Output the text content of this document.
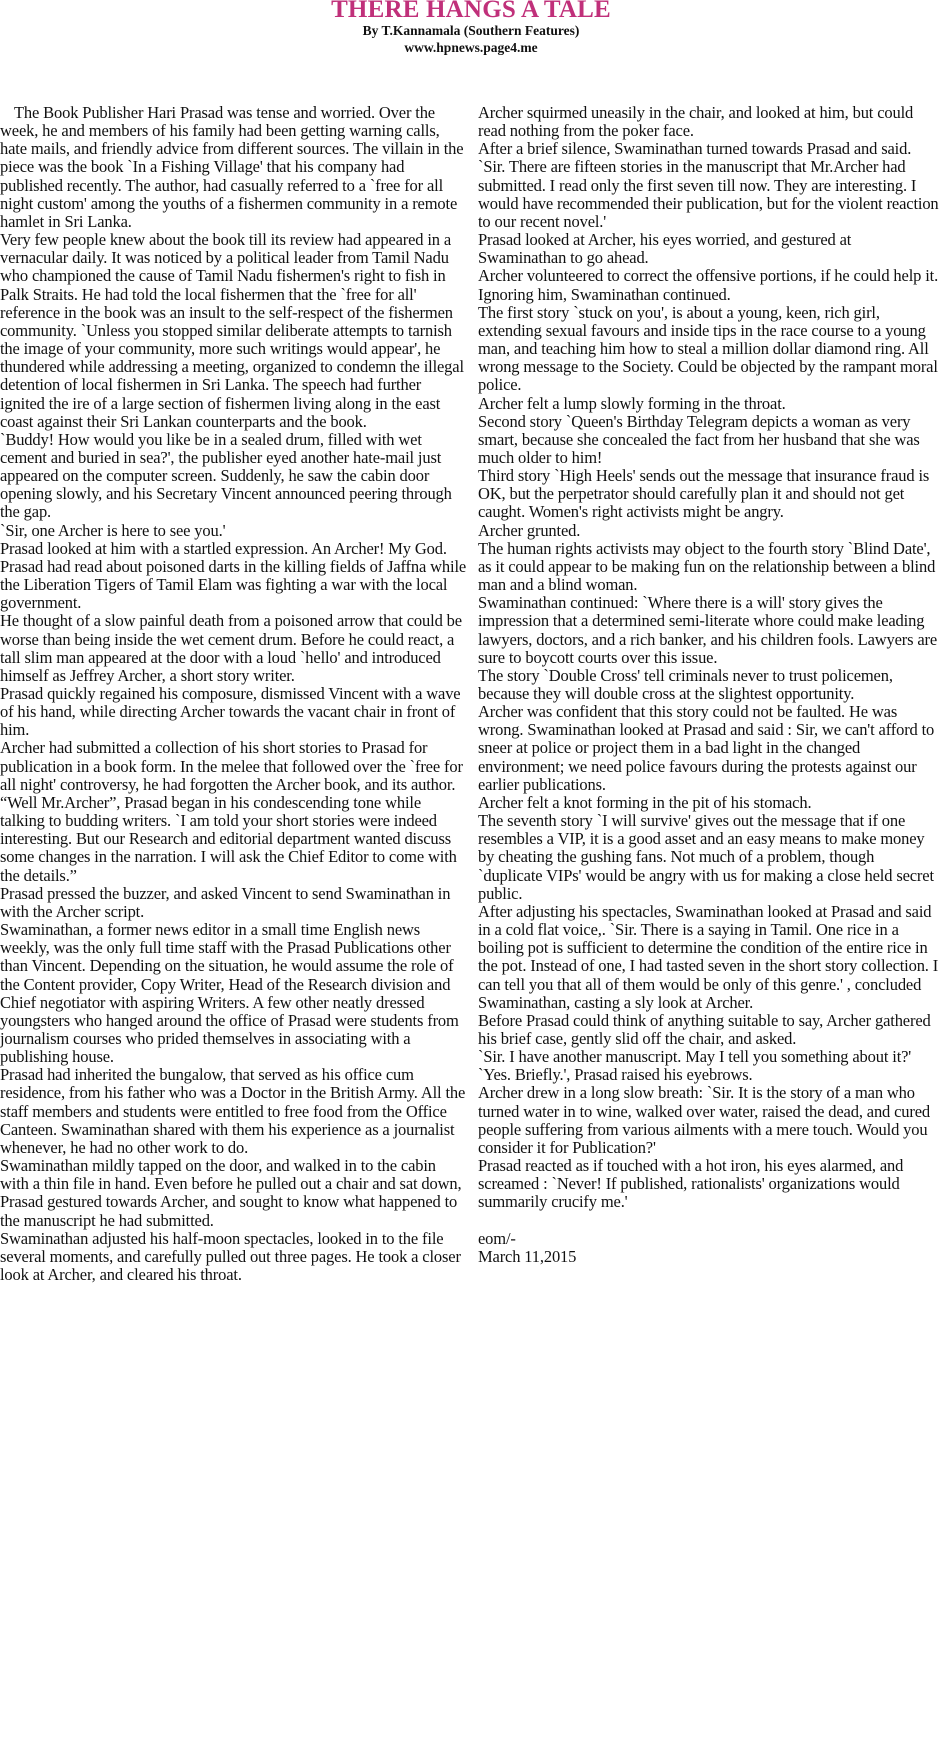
THERE HANGS A TALE
By T.Kannamala (Southern Features)
www.hpnews.page4.me

The Book Publisher Hari Prasad was tense and worried. Over the week, he and members of his family had been getting warning calls, hate mails, and friendly advice from different sources. The villain in the piece was the book `In a Fishing Village' that his company had published recently. The author, had casually referred to a `free for all night custom' among the youths of a fishermen community in a remote hamlet in Sri Lanka.

Very few people knew about the book till its review had appeared in a vernacular daily. It was noticed by a political leader from Tamil Nadu who championed the cause of Tamil Nadu fishermen's right to fish in Palk Straits. He had told the local fishermen that the `free for all' reference in the book was an insult to the self-respect of the fishermen community. `Unless you stopped similar deliberate attempts to tarnish the image of your community, more such writings would appear', he thundered while addressing a meeting, organized to condemn the illegal detention of local fishermen in Sri Lanka. The speech had further ignited the ire of a large section of fishermen living along in the east coast against their Sri Lankan counterparts and the book.

`Buddy! How would you like be in a sealed drum, filled with wet cement and buried in sea?', the publisher eyed another hate-mail just appeared on the computer screen. Suddenly, he saw the cabin door opening slowly, and his Secretary Vincent announced peering through the gap.

`Sir, one Archer is here to see you.'

Prasad looked at him with a startled expression. An Archer! My God.

Prasad had read about poisoned darts in the killing fields of Jaffna while the Liberation Tigers of Tamil Elam was fighting a war with the local government.

He thought of a slow painful death from a poisoned arrow that could be worse than being inside the wet cement drum. Before he could react, a tall slim man appeared at the door with a loud `hello' and introduced himself as Jeffrey Archer, a short story writer.

Prasad quickly regained his composure, dismissed Vincent with a wave of his hand, while directing Archer towards the vacant chair in front of him.

Archer had submitted a collection of his short stories to Prasad for publication in a book form. In the melee that followed over the `free for all night' controversy, he had forgotten the Archer book, and its author.

“Well Mr.Archer”, Prasad began in his condescending tone while talking to budding writers. `I am told your short stories were indeed interesting. But our Research and editorial department wanted discuss some changes in the narration. I will ask the Chief Editor to come with the details.”

Prasad pressed the buzzer, and asked Vincent to send Swaminathan in with the Archer script.

Swaminathan, a former news editor in a small time English news weekly, was the only full time staff with the Prasad Publications other than Vincent. Depending on the situation, he would assume the role of the Content provider, Copy Writer, Head of the Research division and Chief negotiator with aspiring Writers. A few other neatly dressed youngsters who hanged around the office of Prasad were students from journalism courses who prided themselves in associating with a publishing house.

Prasad had inherited the bungalow, that served as his office cum residence, from his father who was a Doctor in the British Army. All the staff members and students were entitled to free food from the Office Canteen. Swaminathan shared with them his experience as a journalist whenever, he had no other work to do.

Swaminathan mildly tapped on the door, and walked in to the cabin with a thin file in hand. Even before he pulled out a chair and sat down, Prasad gestured towards Archer, and sought to know what happened to the manuscript he had submitted.

Swaminathan adjusted his half-moon spectacles, looked in to the file several moments, and carefully pulled out three pages. He took a closer look at Archer, and cleared his throat.

Archer squirmed uneasily in the chair, and looked at him, but could read nothing from the poker face.

After a brief silence, Swaminathan turned towards Prasad and said.

`Sir. There are fifteen stories in the manuscript that Mr.Archer had submitted. I read only the first seven till now. They are interesting. I would have recommended their publication, but for the violent reaction to our recent novel.'

Prasad looked at Archer, his eyes worried, and gestured at Swaminathan to go ahead.

Archer volunteered to correct the offensive portions, if he could help it.

Ignoring him, Swaminathan continued.

The first story `stuck on you', is about a young, keen, rich girl, extending sexual favours and inside tips in the race course to a young man, and teaching him how to steal a million dollar diamond ring. All wrong message to the Society. Could be objected by the rampant moral police.

Archer felt a lump slowly forming in the throat.

Second story `Queen's Birthday Telegram depicts a woman as very smart, because she concealed the fact from her husband that she was much older to him!

Third story `High Heels' sends out the message that insurance fraud is OK, but the perpetrator should carefully plan it and should not get caught. Women's right activists might be angry.

Archer grunted.

The human rights activists may object to the fourth story `Blind Date', as it could appear to be making fun on the relationship between a blind man and a blind woman.

Swaminathan continued: `Where there is a will' story gives the impression that a determined semi-literate whore could make leading lawyers, doctors, and a rich banker, and his children fools. Lawyers are sure to boycott courts over this issue.

The story `Double Cross' tell criminals never to trust policemen, because they will double cross at the slightest opportunity.

Archer was confident that this story could not be faulted. He was wrong. Swaminathan looked at Prasad and said : Sir, we can't afford to sneer at police or project them in a bad light in the changed environment; we need police favours during the protests against our earlier publications.

Archer felt a knot forming in the pit of his stomach.

The seventh story `I will survive' gives out the message that if one resembles a VIP, it is a good asset and an easy means to make money by cheating the gushing fans. Not much of a problem, though `duplicate VIPs' would be angry with us for making a close held secret public.

After adjusting his spectacles, Swaminathan looked at Prasad and said in a cold flat voice,. `Sir. There is a saying in Tamil. One rice in a boiling pot is sufficient to determine the condition of the entire rice in the pot. Instead of one, I had tasted seven in the short story collection. I can tell you that all of them would be only of this genre.' , concluded Swaminathan, casting a sly look at Archer.

Before Prasad could think of anything suitable to say, Archer gathered his brief case, gently slid off the chair, and asked.

`Sir. I have another manuscript. May I tell you something about it?'

`Yes. Briefly.', Prasad raised his eyebrows.

Archer drew in a long slow breath: `Sir. It is the story of a man who turned water in to wine, walked over water, raised the dead, and cured people suffering from various ailments with a mere touch. Would you consider it for Publication?'

Prasad reacted as if touched with a hot iron, his eyes alarmed, and screamed : `Never! If published, rationalists' organizations would summarily crucify me.'

eom/-

March 11,2015
